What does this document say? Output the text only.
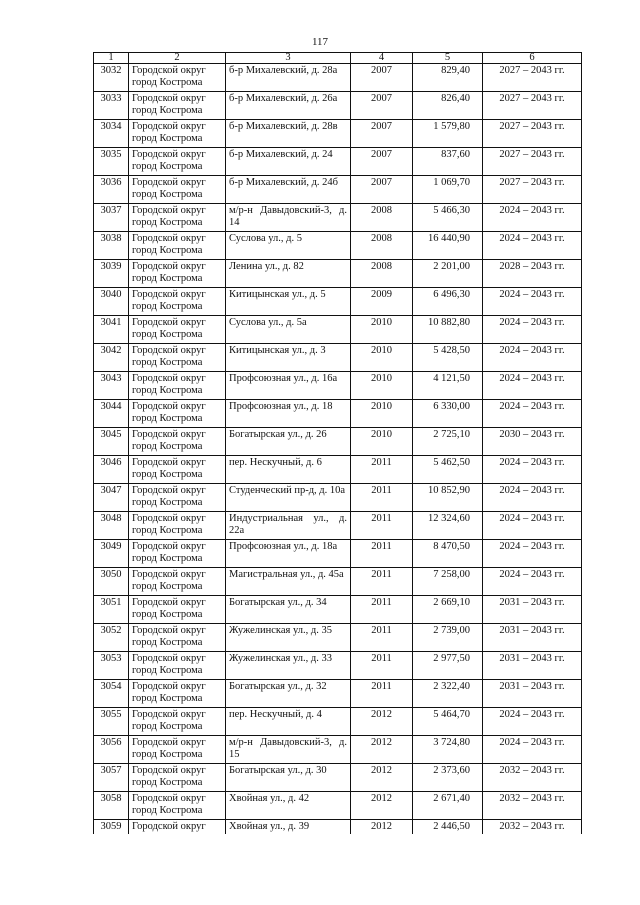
117
1	2	3	4	5	6
3032	Городской округ город Кострома	б-р Михалевский, д. 28а	2007	829,40	2027 – 2043 гг.
3033	Городской округ город Кострома	б-р Михалевский, д. 26а	2007	826,40	2027 – 2043 гг.
3034	Городской округ город Кострома	б-р Михалевский, д. 28в	2007	1 579,80	2027 – 2043 гг.
3035	Городской округ город Кострома	б-р Михалевский, д. 24	2007	837,60	2027 – 2043 гг.
3036	Городской округ город Кострома	б-р Михалевский, д. 24б	2007	1 069,70	2027 – 2043 гг.
3037	Городской округ город Кострома	м/р-н Давыдовский-3, д. 14	2008	5 466,30	2024 – 2043 гг.
3038	Городской округ город Кострома	Суслова ул., д. 5	2008	16 440,90	2024 – 2043 гг.
3039	Городской округ город Кострома	Ленина ул., д. 82	2008	2 201,00	2028 – 2043 гг.
3040	Городской округ город Кострома	Китицынская ул., д. 5	2009	6 496,30	2024 – 2043 гг.
3041	Городской округ город Кострома	Суслова ул., д. 5а	2010	10 882,80	2024 – 2043 гг.
3042	Городской округ город Кострома	Китицынская ул., д. 3	2010	5 428,50	2024 – 2043 гг.
3043	Городской округ город Кострома	Профсоюзная ул., д. 16а	2010	4 121,50	2024 – 2043 гг.
3044	Городской округ город Кострома	Профсоюзная ул., д. 18	2010	6 330,00	2024 – 2043 гг.
3045	Городской округ город Кострома	Богатырская ул., д. 26	2010	2 725,10	2030 – 2043 гг.
3046	Городской округ город Кострома	пер. Нескучный, д. 6	2011	5 462,50	2024 – 2043 гг.
3047	Городской округ город Кострома	Студенческий пр-д, д. 10а	2011	10 852,90	2024 – 2043 гг.
3048	Городской округ город Кострома	Индустриальная ул., д. 22а	2011	12 324,60	2024 – 2043 гг.
3049	Городской округ город Кострома	Профсоюзная ул., д. 18а	2011	8 470,50	2024 – 2043 гг.
3050	Городской округ город Кострома	Магистральная ул., д. 45а	2011	7 258,00	2024 – 2043 гг.
3051	Городской округ город Кострома	Богатырская ул., д. 34	2011	2 669,10	2031 – 2043 гг.
3052	Городской округ город Кострома	Жужелинская ул., д. 35	2011	2 739,00	2031 – 2043 гг.
3053	Городской округ город Кострома	Жужелинская ул., д. 33	2011	2 977,50	2031 – 2043 гг.
3054	Городской округ город Кострома	Богатырская ул., д. 32	2011	2 322,40	2031 – 2043 гг.
3055	Городской округ город Кострома	пер. Нескучный, д. 4	2012	5 464,70	2024 – 2043 гг.
3056	Городской округ город Кострома	м/р-н Давыдовский-3, д. 15	2012	3 724,80	2024 – 2043 гг.
3057	Городской округ город Кострома	Богатырская ул., д. 30	2012	2 373,60	2032 – 2043 гг.
3058	Городской округ город Кострома	Хвойная ул., д. 42	2012	2 671,40	2032 – 2043 гг.
3059	Городской округ	Хвойная ул., д. 39	2012	2 446,50	2032 – 2043 гг.
